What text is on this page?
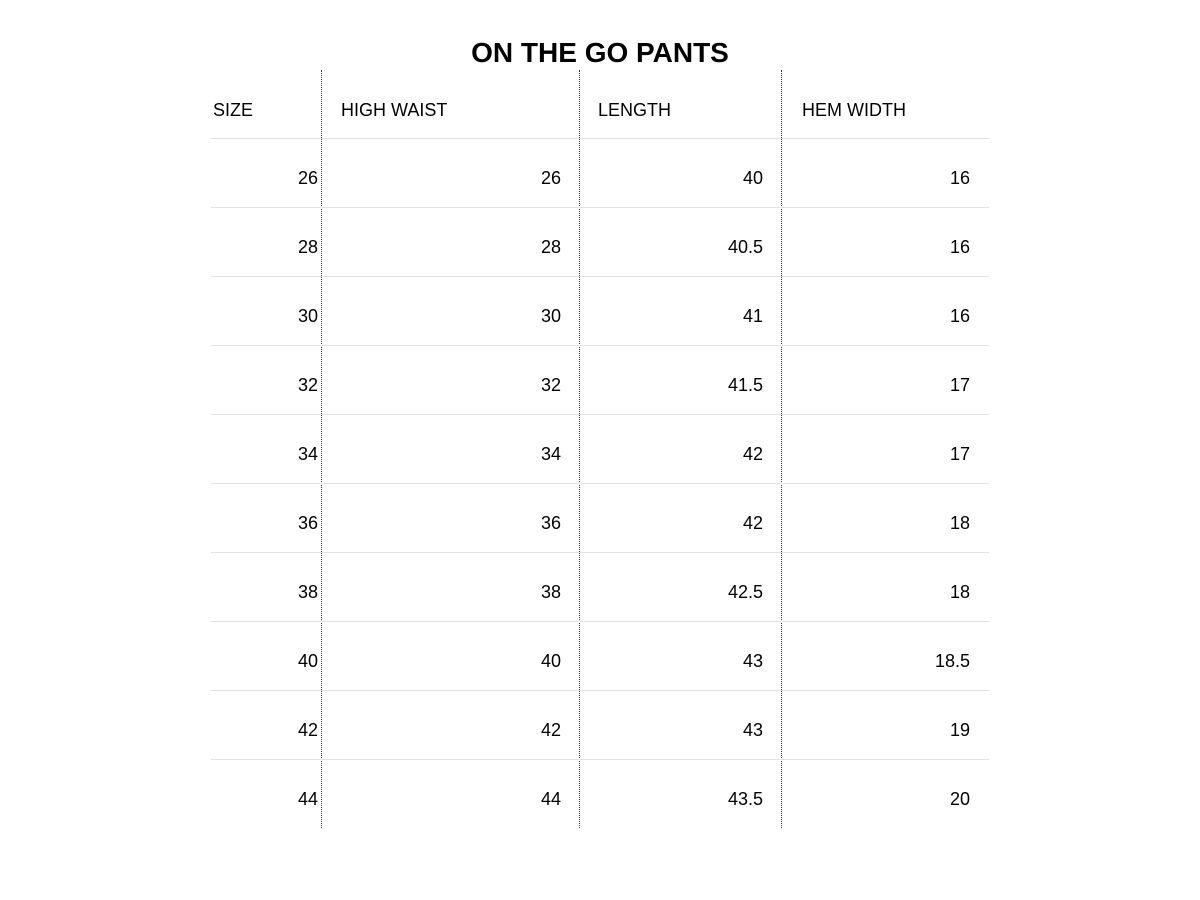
ON THE GO PANTS
SIZE	HIGH WAIST	LENGTH	HEM WIDTH
26	26	40	16
28	28	40.5	16
30	30	41	16
32	32	41.5	17
34	34	42	17
36	36	42	18
38	38	42.5	18
40	40	43	18.5
42	42	43	19
44	44	43.5	20
